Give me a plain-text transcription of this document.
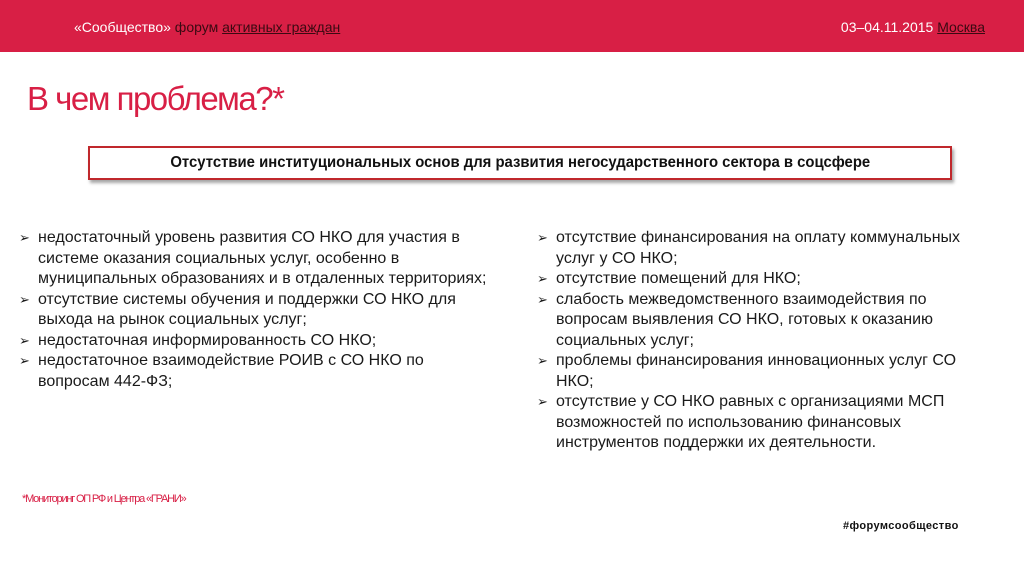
«Сообщество» форум активных граждан	03–04.11.2015 Москва
В чем проблема?*
Отсутствие институциональных основ для развития негосударственного сектора в соцсфере
➢ недостаточный уровень развития СО НКО для участия в системе оказания социальных услуг, особенно в муниципальных образованиях и в отдаленных территориях;
➢ отсутствие системы обучения и поддержки СО НКО для выхода на рынок социальных услуг;
➢ недостаточная информированность СО НКО;
➢ недостаточное взаимодействие РОИВ с СО НКО по вопросам 442-ФЗ;
➢ отсутствие финансирования на оплату коммунальных услуг у СО НКО;
➢ отсутствие помещений для НКО;
➢ слабость межведомственного взаимодействия по вопросам выявления СО НКО, готовых к оказанию социальных услуг;
➢ проблемы финансирования инновационных услуг СО НКО;
➢ отсутствие у СО НКО равных с организациями МСП возможностей по использованию финансовых инструментов поддержки их деятельности.
*Мониторинг ОП РФ и Центра «ГРАНИ»
#форумсообщество
